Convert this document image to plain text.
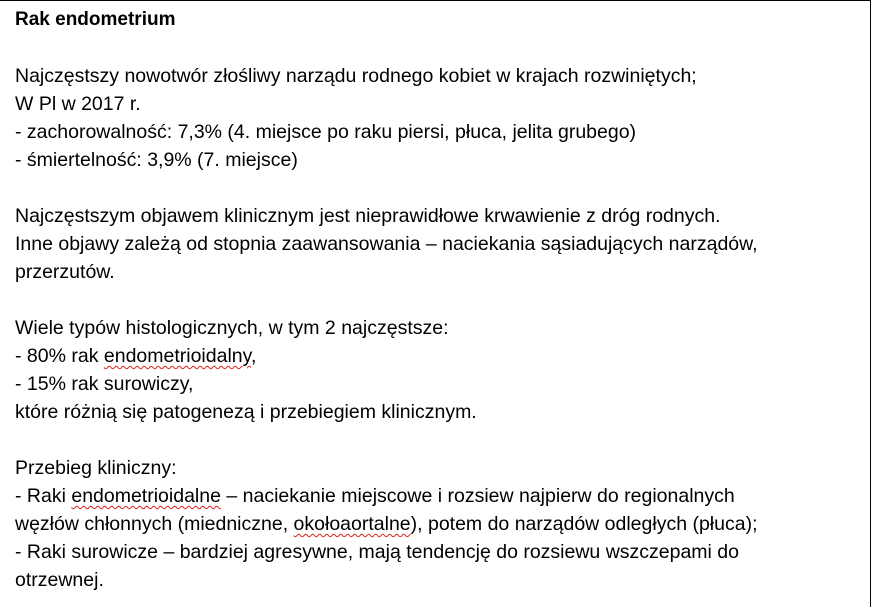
Rak endometrium
Najczęstszy nowotwór złośliwy narządu rodnego kobiet w krajach rozwiniętych;
W Pl w 2017 r.
- zachorowalność: 7,3% (4. miejsce po raku piersi, płuca, jelita grubego)
- śmiertelność: 3,9% (7. miejsce)
Najczęstszym objawem klinicznym jest nieprawidłowe krwawienie z dróg rodnych.
Inne objawy zależą od stopnia zaawansowania – naciekania sąsiadujących narządów,
przerzutów.
Wiele typów histologicznych, w tym 2 najczęstsze:
- 80% rak endometrioidalny,
- 15% rak surowiczy,
które różnią się patogenezą i przebiegiem klinicznym.
Przebieg kliniczny:
- Raki endometrioidalne – naciekanie miejscowe i rozsiew najpierw do regionalnych
węzłów chłonnych (miedniczne, okołoaortalne), potem do narządów odległych (płuca);
- Raki surowicze – bardziej agresywne, mają tendencję do rozsiewu wszczepami do
otrzewnej.
